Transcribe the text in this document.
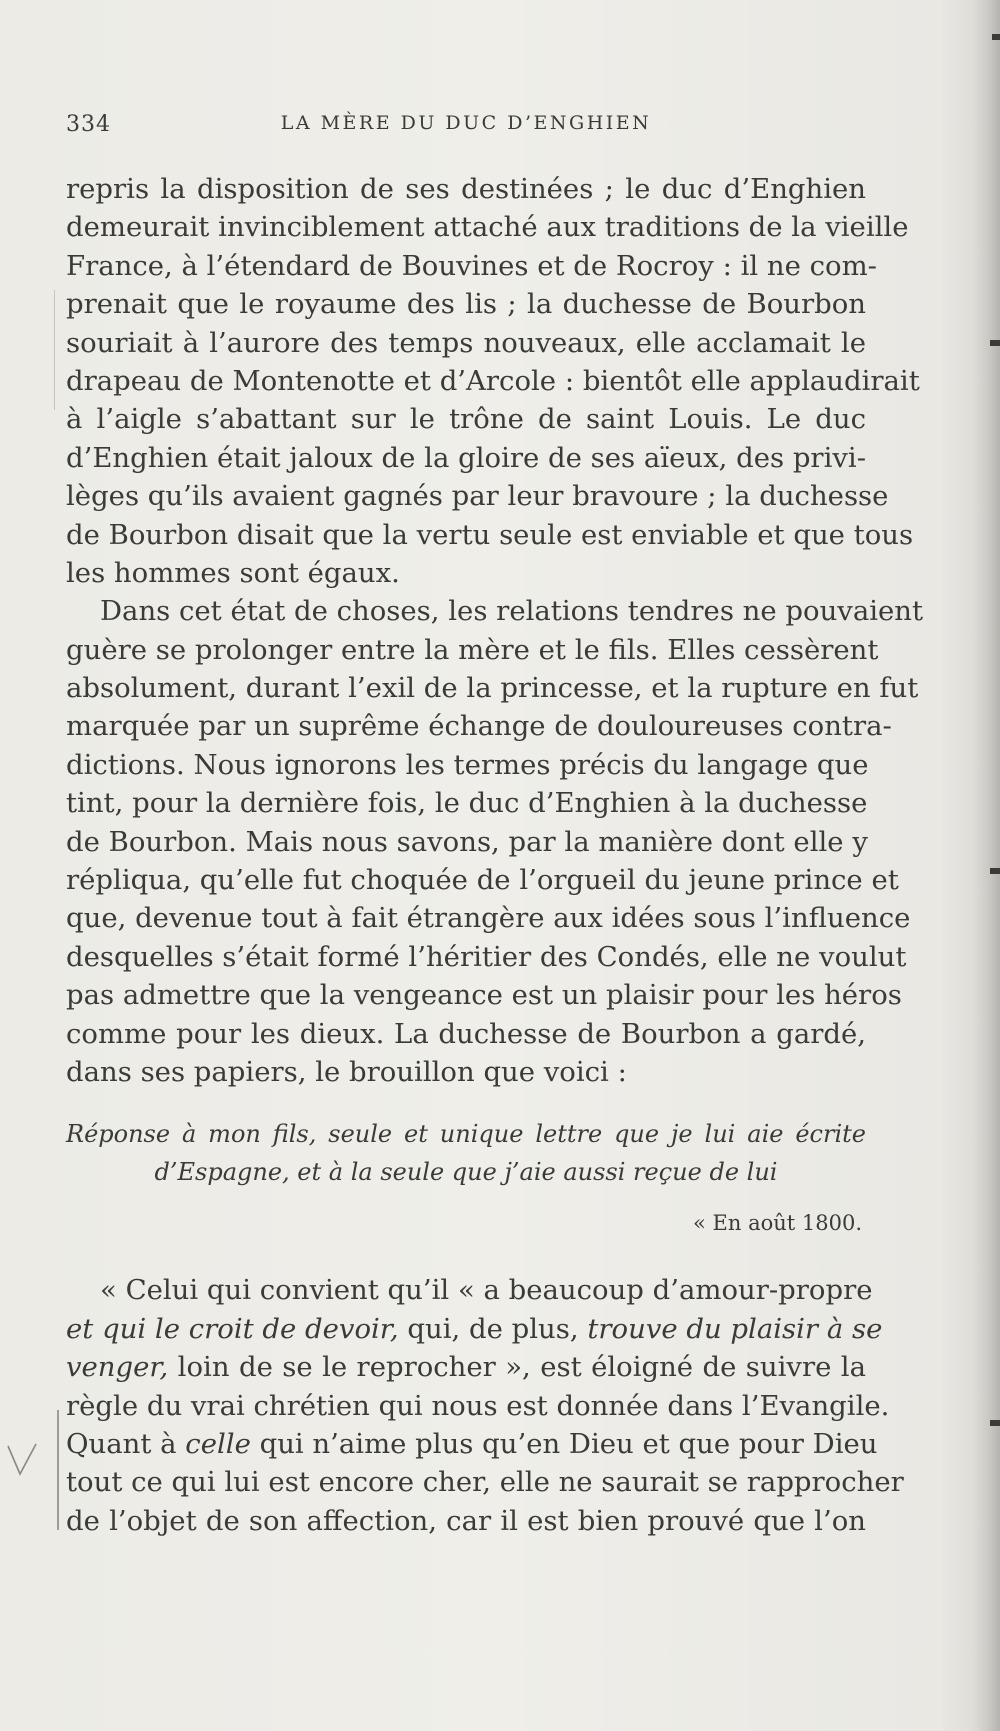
334	LA MÈRE DU DUC D’ENGHIEN
repris la disposition de ses destinées ; le duc d’Enghien
demeurait invinciblement attaché aux traditions de la vieille
France, à l’étendard de Bouvines et de Rocroy : il ne com-
prenait que le royaume des lis ; la duchesse de Bourbon
souriait à l’aurore des temps nouveaux, elle acclamait le
drapeau de Montenotte et d’Arcole : bientôt elle applaudirait
à l’aigle s’abattant sur le trône de saint Louis. Le duc
d’Enghien était jaloux de la gloire de ses aïeux, des privi-
lèges qu’ils avaient gagnés par leur bravoure ; la duchesse
de Bourbon disait que la vertu seule est enviable et que tous
les hommes sont égaux.
Dans cet état de choses, les relations tendres ne pouvaient
guère se prolonger entre la mère et le fils. Elles cessèrent
absolument, durant l’exil de la princesse, et la rupture en fut
marquée par un suprême échange de douloureuses contra-
dictions. Nous ignorons les termes précis du langage que
tint, pour la dernière fois, le duc d’Enghien à la duchesse
de Bourbon. Mais nous savons, par la manière dont elle y
répliqua, qu’elle fut choquée de l’orgueil du jeune prince et
que, devenue tout à fait étrangère aux idées sous l’influence
desquelles s’était formé l’héritier des Condés, elle ne voulut
pas admettre que la vengeance est un plaisir pour les héros
comme pour les dieux. La duchesse de Bourbon a gardé,
dans ses papiers, le brouillon que voici :
Réponse à mon fils, seule et unique lettre que je lui aie écrite
d’Espagne, et à la seule que j’aie aussi reçue de lui
« En août 1800.
« Celui qui convient qu’il « a beaucoup d’amour-propre
et qui le croit de devoir, qui, de plus, trouve du plaisir à se
venger, loin de se le reprocher », est éloigné de suivre la
règle du vrai chrétien qui nous est donnée dans l’Evangile.
Quant à celle qui n’aime plus qu’en Dieu et que pour Dieu
tout ce qui lui est encore cher, elle ne saurait se rapprocher
de l’objet de son affection, car il est bien prouvé que l’on
